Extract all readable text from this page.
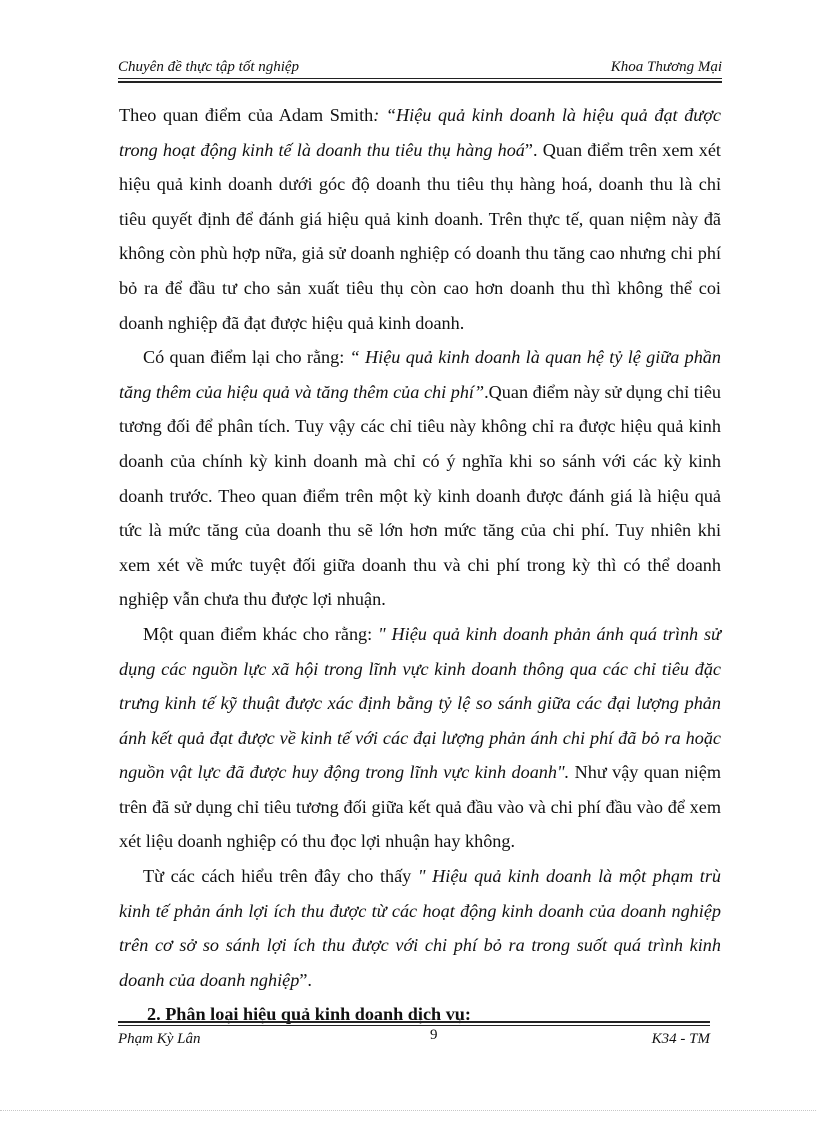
Chuyên đề thực tập tốt nghiệp	Khoa Thương Mại

Theo quan điểm của Adam Smith: “Hiệu quả kinh doanh là hiệu quả đạt được trong hoạt động kinh tế là doanh thu tiêu thụ hàng hoá”. Quan điểm trên xem xét hiệu quả kinh doanh dưới góc độ doanh thu tiêu thụ hàng hoá, doanh thu là chỉ tiêu quyết định để đánh giá hiệu quả kinh doanh. Trên thực tế, quan niệm này đã không còn phù hợp nữa, giả sử doanh nghiệp có doanh thu tăng cao nhưng chi phí bỏ ra để đầu tư cho sản xuất tiêu thụ còn cao hơn doanh thu thì không thể coi doanh nghiệp đã đạt được hiệu quả kinh doanh.

Có quan điểm lại cho rằng: “ Hiệu quả kinh doanh là quan hệ tỷ lệ giữa phần tăng thêm của hiệu quả và tăng thêm của chi phí”.Quan điểm này sử dụng chỉ tiêu tương đối để phân tích. Tuy vậy các chỉ tiêu này không chỉ ra được hiệu quả kinh doanh của chính kỳ kinh doanh mà chỉ có ý nghĩa khi so sánh với các kỳ kinh doanh trước. Theo quan điểm trên một kỳ kinh doanh được đánh giá là hiệu quả tức là mức tăng của doanh thu sẽ lớn hơn mức tăng của chi phí. Tuy nhiên khi xem xét về mức tuyệt đối giữa doanh thu và chi phí trong kỳ thì có thể doanh nghiệp vẫn chưa thu được lợi nhuận.

Một quan điểm khác cho rằng: " Hiệu quả kinh doanh phản ánh quá trình sử dụng các nguồn lực xã hội trong lĩnh vực kinh doanh thông qua các chỉ tiêu đặc trưng kinh tế kỹ thuật được xác định bằng tỷ lệ so sánh giữa các đại lượng phản ánh kết quả đạt được về kinh tế với các đại lượng phản ánh chi phí đã bỏ ra hoặc nguồn vật lực đã được huy động trong lĩnh vực kinh doanh". Như vậy quan niệm trên đã sử dụng chỉ tiêu tương đối giữa kết quả đầu vào và chi phí đầu vào để xem xét liệu doanh nghiệp có thu đọc lợi nhuận hay không.

Từ các cách hiểu trên đây cho thấy " Hiệu quả kinh doanh là một phạm trù kinh tế phản ánh lợi ích thu được từ các hoạt động kinh doanh của doanh nghiệp trên cơ sở so sánh lợi ích thu được với chi phí bỏ ra trong suốt quá trình kinh doanh của doanh nghiệp”.

2. Phân loại hiệu quả kinh doanh dịch vụ:

Phạm Kỳ Lân	9	K34 - TM
